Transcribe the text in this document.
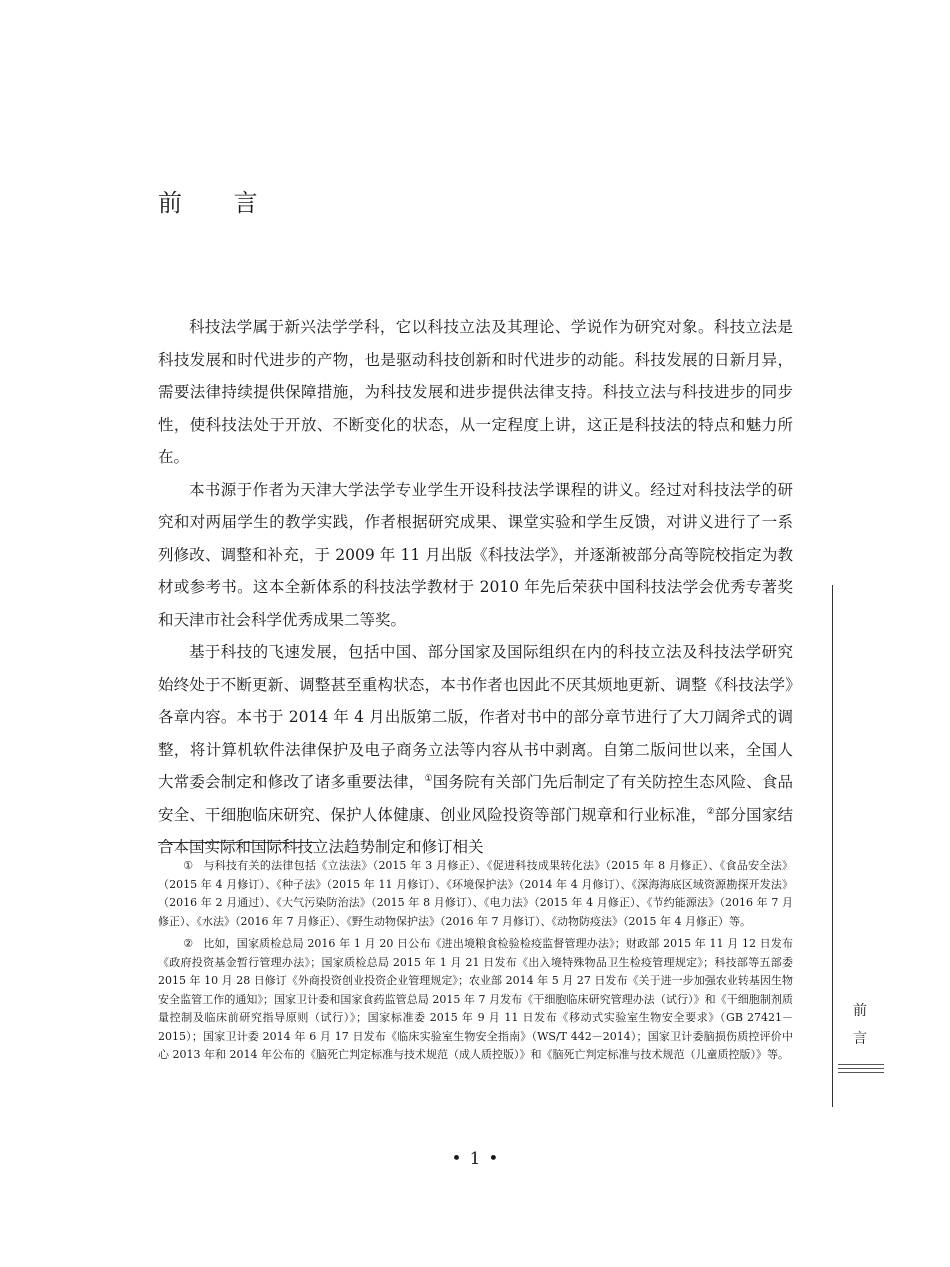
前 言

科技法学属于新兴法学学科，它以科技立法及其理论、学说作为研究对象。科技立法是科技发展和时代进步的产物，也是驱动科技创新和时代进步的动能。科技发展的日新月异，需要法律持续提供保障措施，为科技发展和进步提供法律支持。科技立法与科技进步的同步性，使科技法处于开放、不断变化的状态，从一定程度上讲，这正是科技法的特点和魅力所在。

本书源于作者为天津大学法学专业学生开设科技法学课程的讲义。经过对科技法学的研究和对两届学生的教学实践，作者根据研究成果、课堂实验和学生反馈，对讲义进行了一系列修改、调整和补充，于 2009 年 11 月出版《科技法学》，并逐渐被部分高等院校指定为教材或参考书。这本全新体系的科技法学教材于 2010 年先后荣获中国科技法学会优秀专著奖和天津市社会科学优秀成果二等奖。

基于科技的飞速发展，包括中国、部分国家及国际组织在内的科技立法及科技法学研究始终处于不断更新、调整甚至重构状态，本书作者也因此不厌其烦地更新、调整《科技法学》各章内容。本书于 2014 年 4 月出版第二版，作者对书中的部分章节进行了大刀阔斧式的调整，将计算机软件法律保护及电子商务立法等内容从书中剥离。自第二版问世以来，全国人大常委会制定和修改了诸多重要法律，①国务院有关部门先后制定了有关防控生态风险、食品安全、干细胞临床研究、保护人体健康、创业风险投资等部门规章和行业标准，②部分国家结合本国实际和国际科技立法趋势制定和修订相关

① 与科技有关的法律包括《立法法》（2015 年 3 月修正）、《促进科技成果转化法》（2015 年 8 月修正）、《食品安全法》（2015 年 4 月修订）、《种子法》（2015 年 11 月修订）、《环境保护法》（2014 年 4 月修订）、《深海海底区域资源勘探开发法》（2016 年 2 月通过）、《大气污染防治法》（2015 年 8 月修订）、《电力法》（2015 年 4 月修正）、《节约能源法》（2016 年 7 月修正）、《水法》（2016 年 7 月修正）、《野生动物保护法》（2016 年 7 月修订）、《动物防疫法》（2015 年 4 月修正）等。

② 比如，国家质检总局 2016 年 1 月 20 日公布《进出境粮食检验检疫监督管理办法》；财政部 2015 年 11 月 12 日发布《政府投资基金暂行管理办法》；国家质检总局 2015 年 1 月 21 日发布《出入境特殊物品卫生检疫管理规定》；科技部等五部委 2015 年 10 月 28 日修订《外商投资创业投资企业管理规定》；农业部 2014 年 5 月 27 日发布《关于进一步加强农业转基因生物安全监管工作的通知》；国家卫计委和国家食药监管总局 2015 年 7 月发布《干细胞临床研究管理办法（试行）》和《干细胞制剂质量控制及临床前研究指导原则（试行）》；国家标准委 2015 年 9 月 11 日发布《移动式实验室生物安全要求》（GB 27421－2015）；国家卫计委 2014 年 6 月 17 日发布《临床实验室生物安全指南》（WS/T 442－2014）；国家卫计委脑损伤质控评价中心 2013 年和 2014 年公布的《脑死亡判定标准与技术规范（成人质控版）》和《脑死亡判定标准与技术规范（儿童质控版）》等。

前
言
• 1 •
